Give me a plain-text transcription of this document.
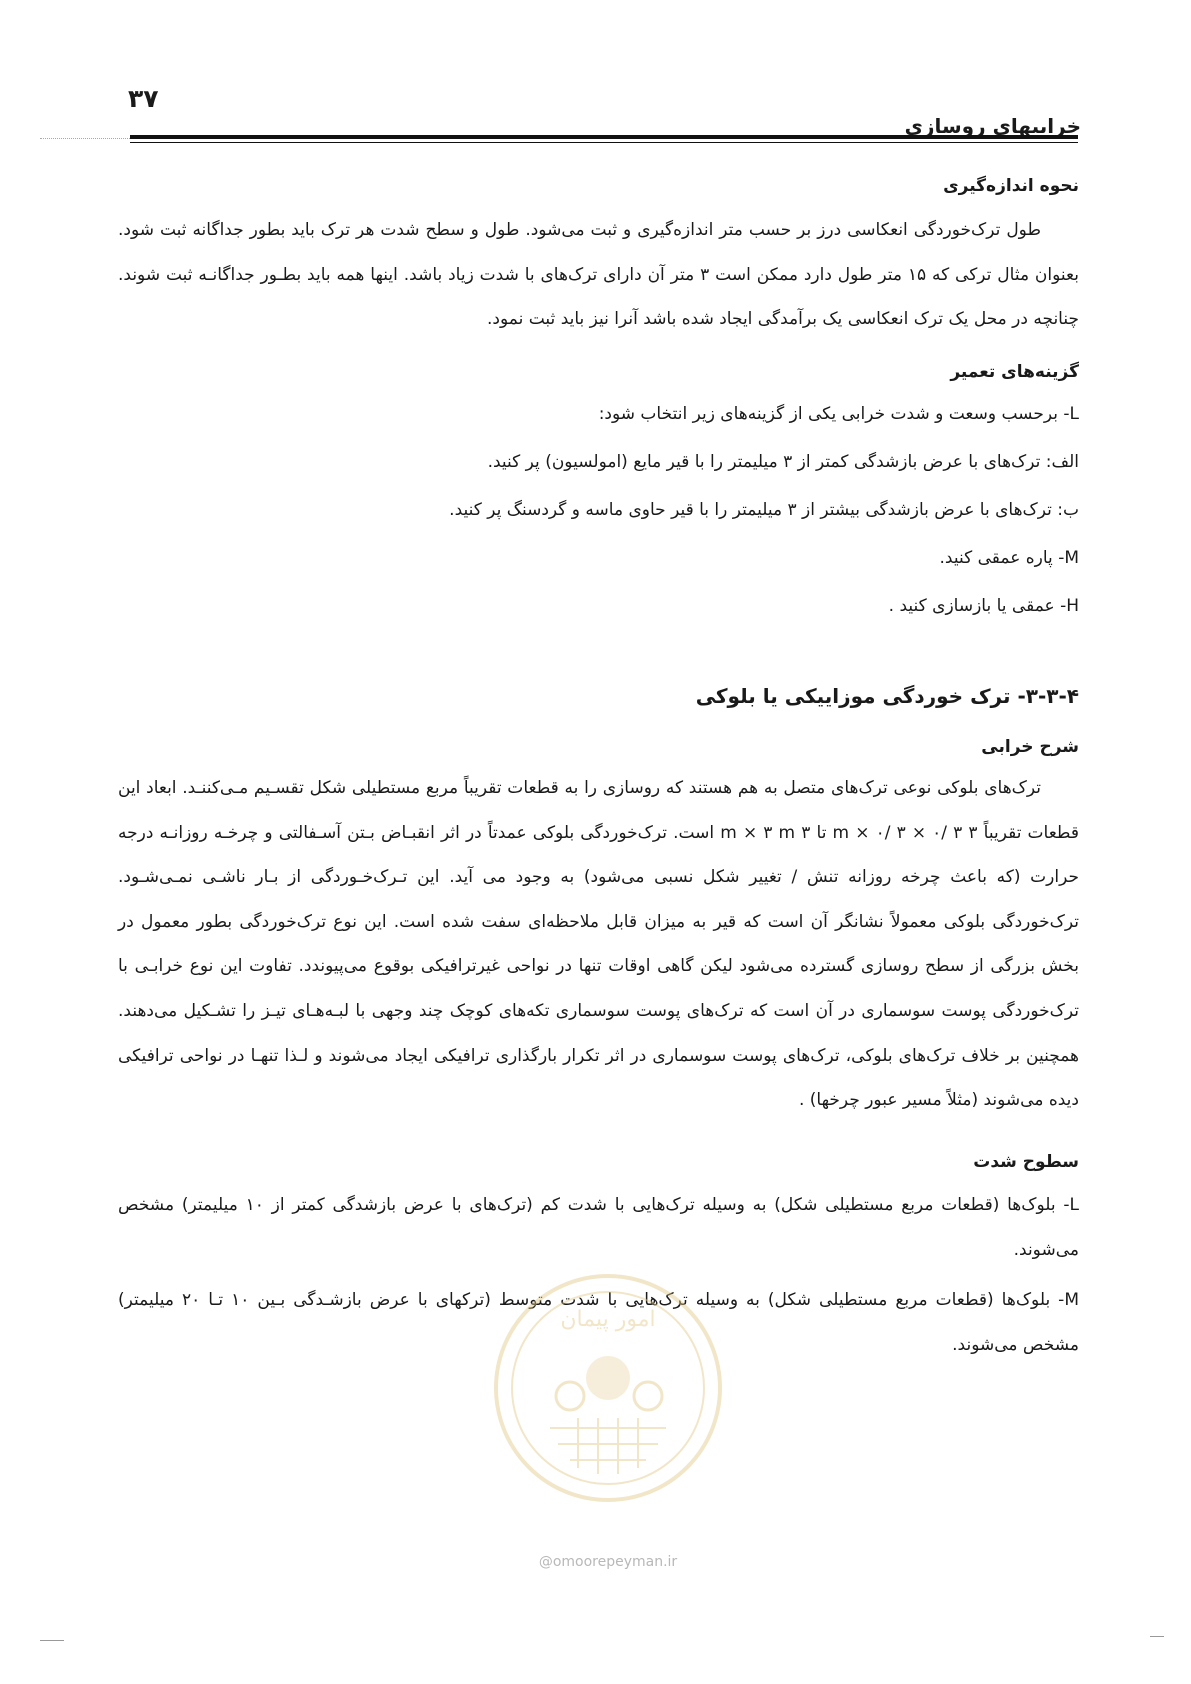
۳۷
خرابیهای روسازی
نحوه اندازه‌گیری
طول ترک‌خوردگی انعکاسی درز بر حسب متر اندازه‌گیری و ثبت می‌شود. طول و سطح شدت هر ترک باید بطور جداگانه ثبت شود. بعنوان مثال ترکی که ۱۵ متر طول دارد ممکن است ۳ متر آن دارای ترک‌های با شدت زیاد باشد. اینها همه باید بطـور جداگانـه ثبت شوند. چنانچه در محل یک ترک انعکاسی یک برآمدگی ایجاد شده باشد آنرا نیز باید ثبت نمود.
گزینه‌های تعمیر
L- برحسب وسعت و شدت خرابی یکی از گزینه‌های زیر انتخاب شود:
الف: ترک‌های با عرض بازشدگی کمتر از ۳ میلیمتر را با قیر مایع (امولسیون) پر کنید.
ب: ترک‌های با عرض بازشدگی بیشتر از ۳ میلیمتر را با قیر حاوی ماسه و گردسنگ پر کنید.
M- پاره عمقی کنید.
H- عمقی یا بازسازی کنید .
۳-۳-۴- ترک خوردگی موزاییکی یا بلوکی
شرح خرابی
ترک‌های بلوکی نوعی ترک‌های متصل به هم هستند که روسازی را به قطعات تقریباً مربع مستطیلی شکل تقسـیم مـی‌کننـد. ابعاد این قطعات تقریباً ۳ m × ۰/ ۳ × ۰/ ۳ تا ۳ m × ۳ m است. ترک‌خوردگی بلوکی عمدتاً در اثر انقبـاض بـتن آسـفالتی و چرخـه روزانـه درجه حرارت (که باعث چرخه روزانه تنش / تغییر شکل نسبی می‌شود) به وجود می آید. این تـرک‌خـوردگی از بـار ناشـی نمـی‌شـود. ترک‌خوردگی بلوکی معمولاً نشانگر آن است که قیر به میزان قابل ملاحظه‌ای سفت شده است. این نوع ترک‌خوردگی بطور معمول در بخش بزرگی از سطح روسازی گسترده می‌شود لیکن گاهی اوقات تنها در نواحی غیرترافیکی بوقوع می‌پیوندد. تفاوت این نوع خرابـی با ترک‌خوردگی پوست سوسماری در آن است که ترک‌های پوست سوسماری تکه‌های کوچک چند وجهی با لبـه‌هـای تیـز را تشـکیل می‌دهند. همچنین بر خلاف ترک‌های بلوکی، ترک‌های پوست سوسماری در اثر تکرار بارگذاری ترافیکی ایجاد می‌شوند و لـذا تنهـا در نواحی ترافیکی دیده می‌شوند (مثلاً مسیر عبور چرخها) .
سطوح شدت
L- بلوک‌ها (قطعات مربع مستطیلی شکل) به وسیله ترک‌هایی با شدت کم (ترک‌های با عرض بازشدگی کمتر از ۱۰ میلیمتر) مشخص می‌شوند.
M- بلوک‌ها (قطعات مربع مستطیلی شکل) به وسیله ترک‌هایی با شدت متوسط (ترکهای با عرض بازشـدگی بـین ۱۰ تـا ۲۰ میلیمتر) مشخص می‌شوند.
امور پیمان
@omoorepeyman.ir
